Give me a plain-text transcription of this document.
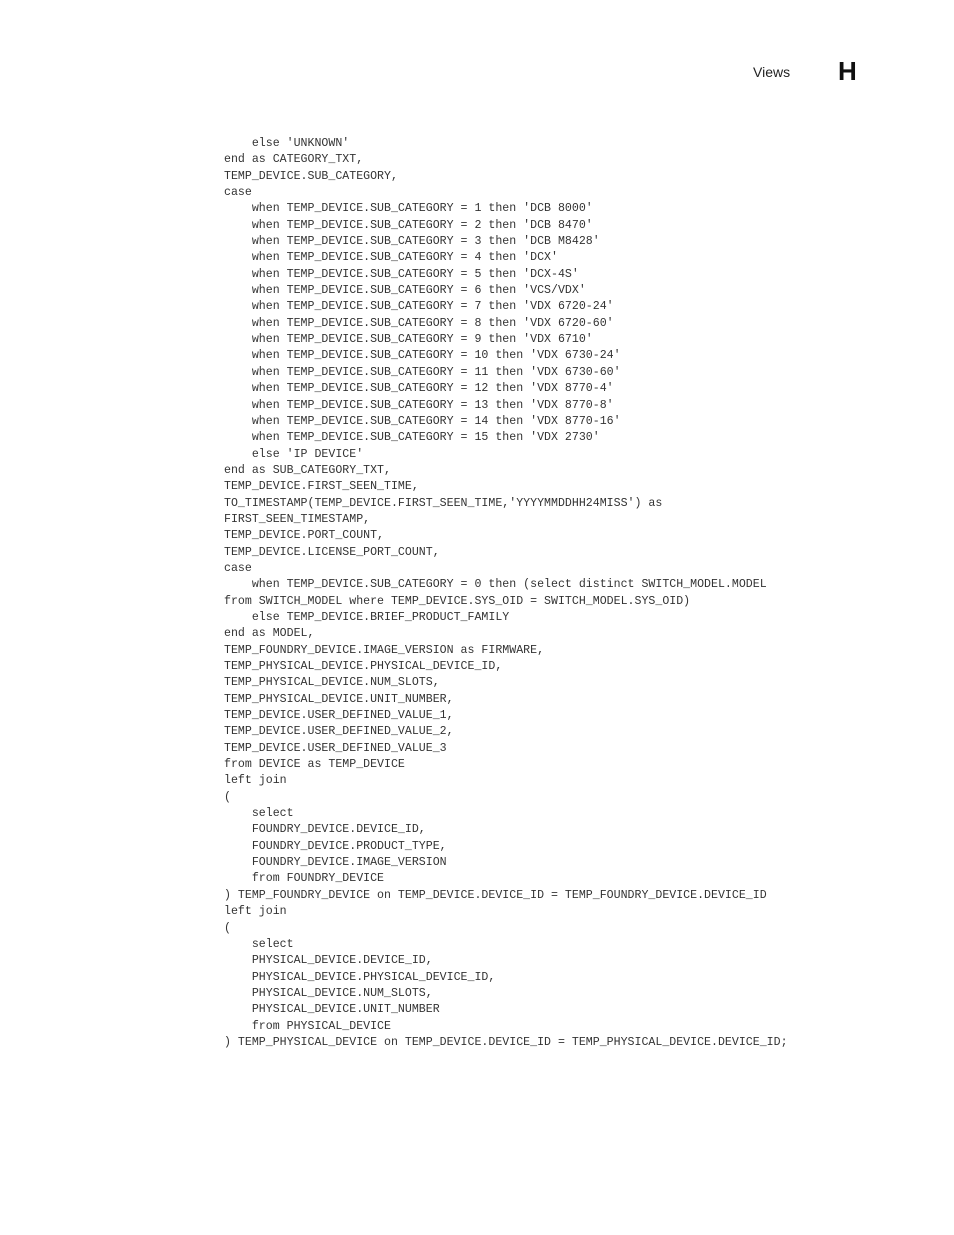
Views H
else 'UNKNOWN'
end as CATEGORY_TXT,
TEMP_DEVICE.SUB_CATEGORY,
case
when TEMP_DEVICE.SUB_CATEGORY = 1 then 'DCB 8000'
when TEMP_DEVICE.SUB_CATEGORY = 2 then 'DCB 8470'
when TEMP_DEVICE.SUB_CATEGORY = 3 then 'DCB M8428'
when TEMP_DEVICE.SUB_CATEGORY = 4 then 'DCX'
when TEMP_DEVICE.SUB_CATEGORY = 5 then 'DCX-4S'
when TEMP_DEVICE.SUB_CATEGORY = 6 then 'VCS/VDX'
when TEMP_DEVICE.SUB_CATEGORY = 7 then 'VDX 6720-24'
when TEMP_DEVICE.SUB_CATEGORY = 8 then 'VDX 6720-60'
when TEMP_DEVICE.SUB_CATEGORY = 9 then 'VDX 6710'
when TEMP_DEVICE.SUB_CATEGORY = 10 then 'VDX 6730-24'
when TEMP_DEVICE.SUB_CATEGORY = 11 then 'VDX 6730-60'
when TEMP_DEVICE.SUB_CATEGORY = 12 then 'VDX 8770-4'
when TEMP_DEVICE.SUB_CATEGORY = 13 then 'VDX 8770-8'
when TEMP_DEVICE.SUB_CATEGORY = 14 then 'VDX 8770-16'
when TEMP_DEVICE.SUB_CATEGORY = 15 then 'VDX 2730'
else 'IP DEVICE'
end as SUB_CATEGORY_TXT,
TEMP_DEVICE.FIRST_SEEN_TIME,
TO_TIMESTAMP(TEMP_DEVICE.FIRST_SEEN_TIME,'YYYYMMDDHH24MISS') as
FIRST_SEEN_TIMESTAMP,
TEMP_DEVICE.PORT_COUNT,
TEMP_DEVICE.LICENSE_PORT_COUNT,
case
when TEMP_DEVICE.SUB_CATEGORY = 0 then (select distinct SWITCH_MODEL.MODEL
from SWITCH_MODEL where TEMP_DEVICE.SYS_OID = SWITCH_MODEL.SYS_OID)
else TEMP_DEVICE.BRIEF_PRODUCT_FAMILY
end as MODEL,
TEMP_FOUNDRY_DEVICE.IMAGE_VERSION as FIRMWARE,
TEMP_PHYSICAL_DEVICE.PHYSICAL_DEVICE_ID,
TEMP_PHYSICAL_DEVICE.NUM_SLOTS,
TEMP_PHYSICAL_DEVICE.UNIT_NUMBER,
TEMP_DEVICE.USER_DEFINED_VALUE_1,
TEMP_DEVICE.USER_DEFINED_VALUE_2,
TEMP_DEVICE.USER_DEFINED_VALUE_3
from DEVICE as TEMP_DEVICE
left join
(
select
FOUNDRY_DEVICE.DEVICE_ID,
FOUNDRY_DEVICE.PRODUCT_TYPE,
FOUNDRY_DEVICE.IMAGE_VERSION
from FOUNDRY_DEVICE
) TEMP_FOUNDRY_DEVICE on TEMP_DEVICE.DEVICE_ID = TEMP_FOUNDRY_DEVICE.DEVICE_ID
left join
(
select
PHYSICAL_DEVICE.DEVICE_ID,
PHYSICAL_DEVICE.PHYSICAL_DEVICE_ID,
PHYSICAL_DEVICE.NUM_SLOTS,
PHYSICAL_DEVICE.UNIT_NUMBER
from PHYSICAL_DEVICE
) TEMP_PHYSICAL_DEVICE on TEMP_DEVICE.DEVICE_ID = TEMP_PHYSICAL_DEVICE.DEVICE_ID;
